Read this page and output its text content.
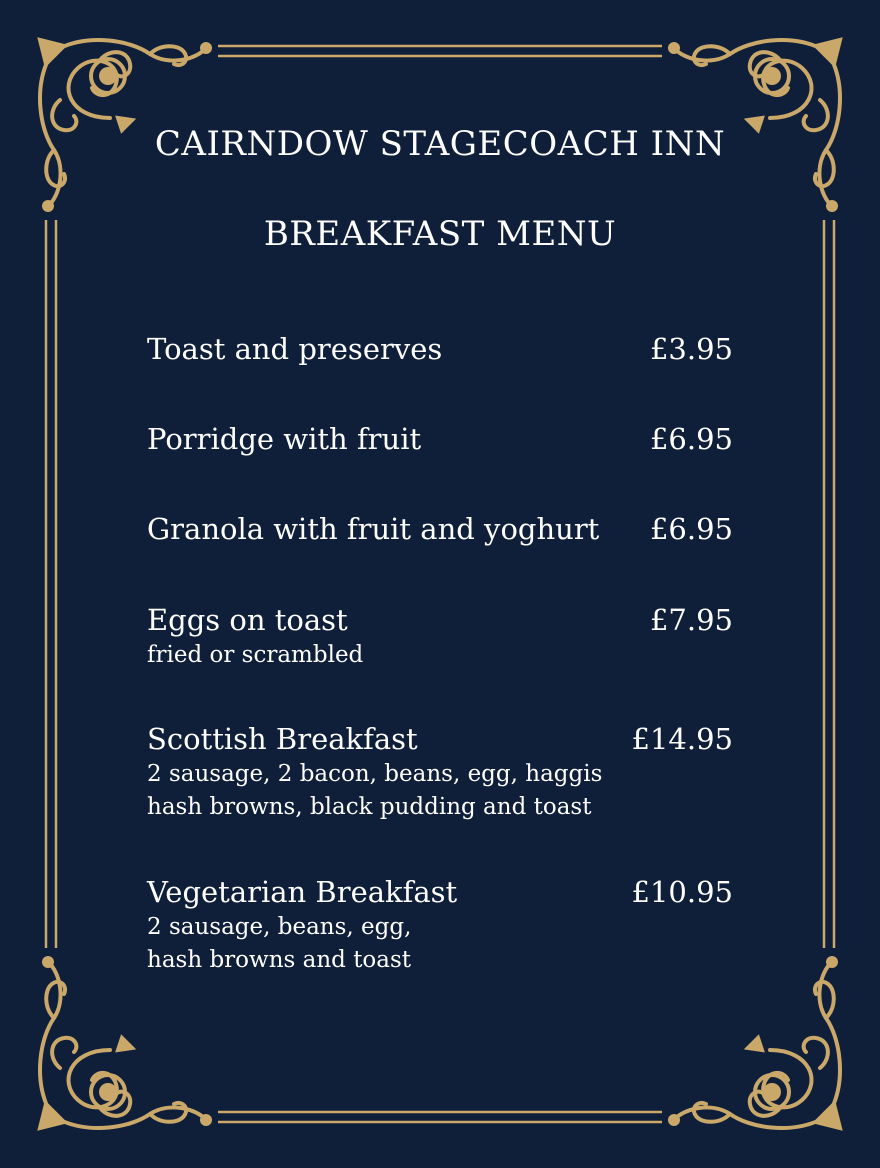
CAIRNDOW STAGECOACH INN
BREAKFAST MENU
Toast and preserves	£3.95
Porridge with fruit	£6.95
Granola with fruit and yoghurt £6.95
Eggs on toast	£7.95
fried or scrambled
Scottish Breakfast	£14.95
2 sausage, 2 bacon, beans, egg, haggis
hash browns, black pudding and toast
Vegetarian Breakfast	£10.95
2 sausage, beans, egg,
hash browns and toast
